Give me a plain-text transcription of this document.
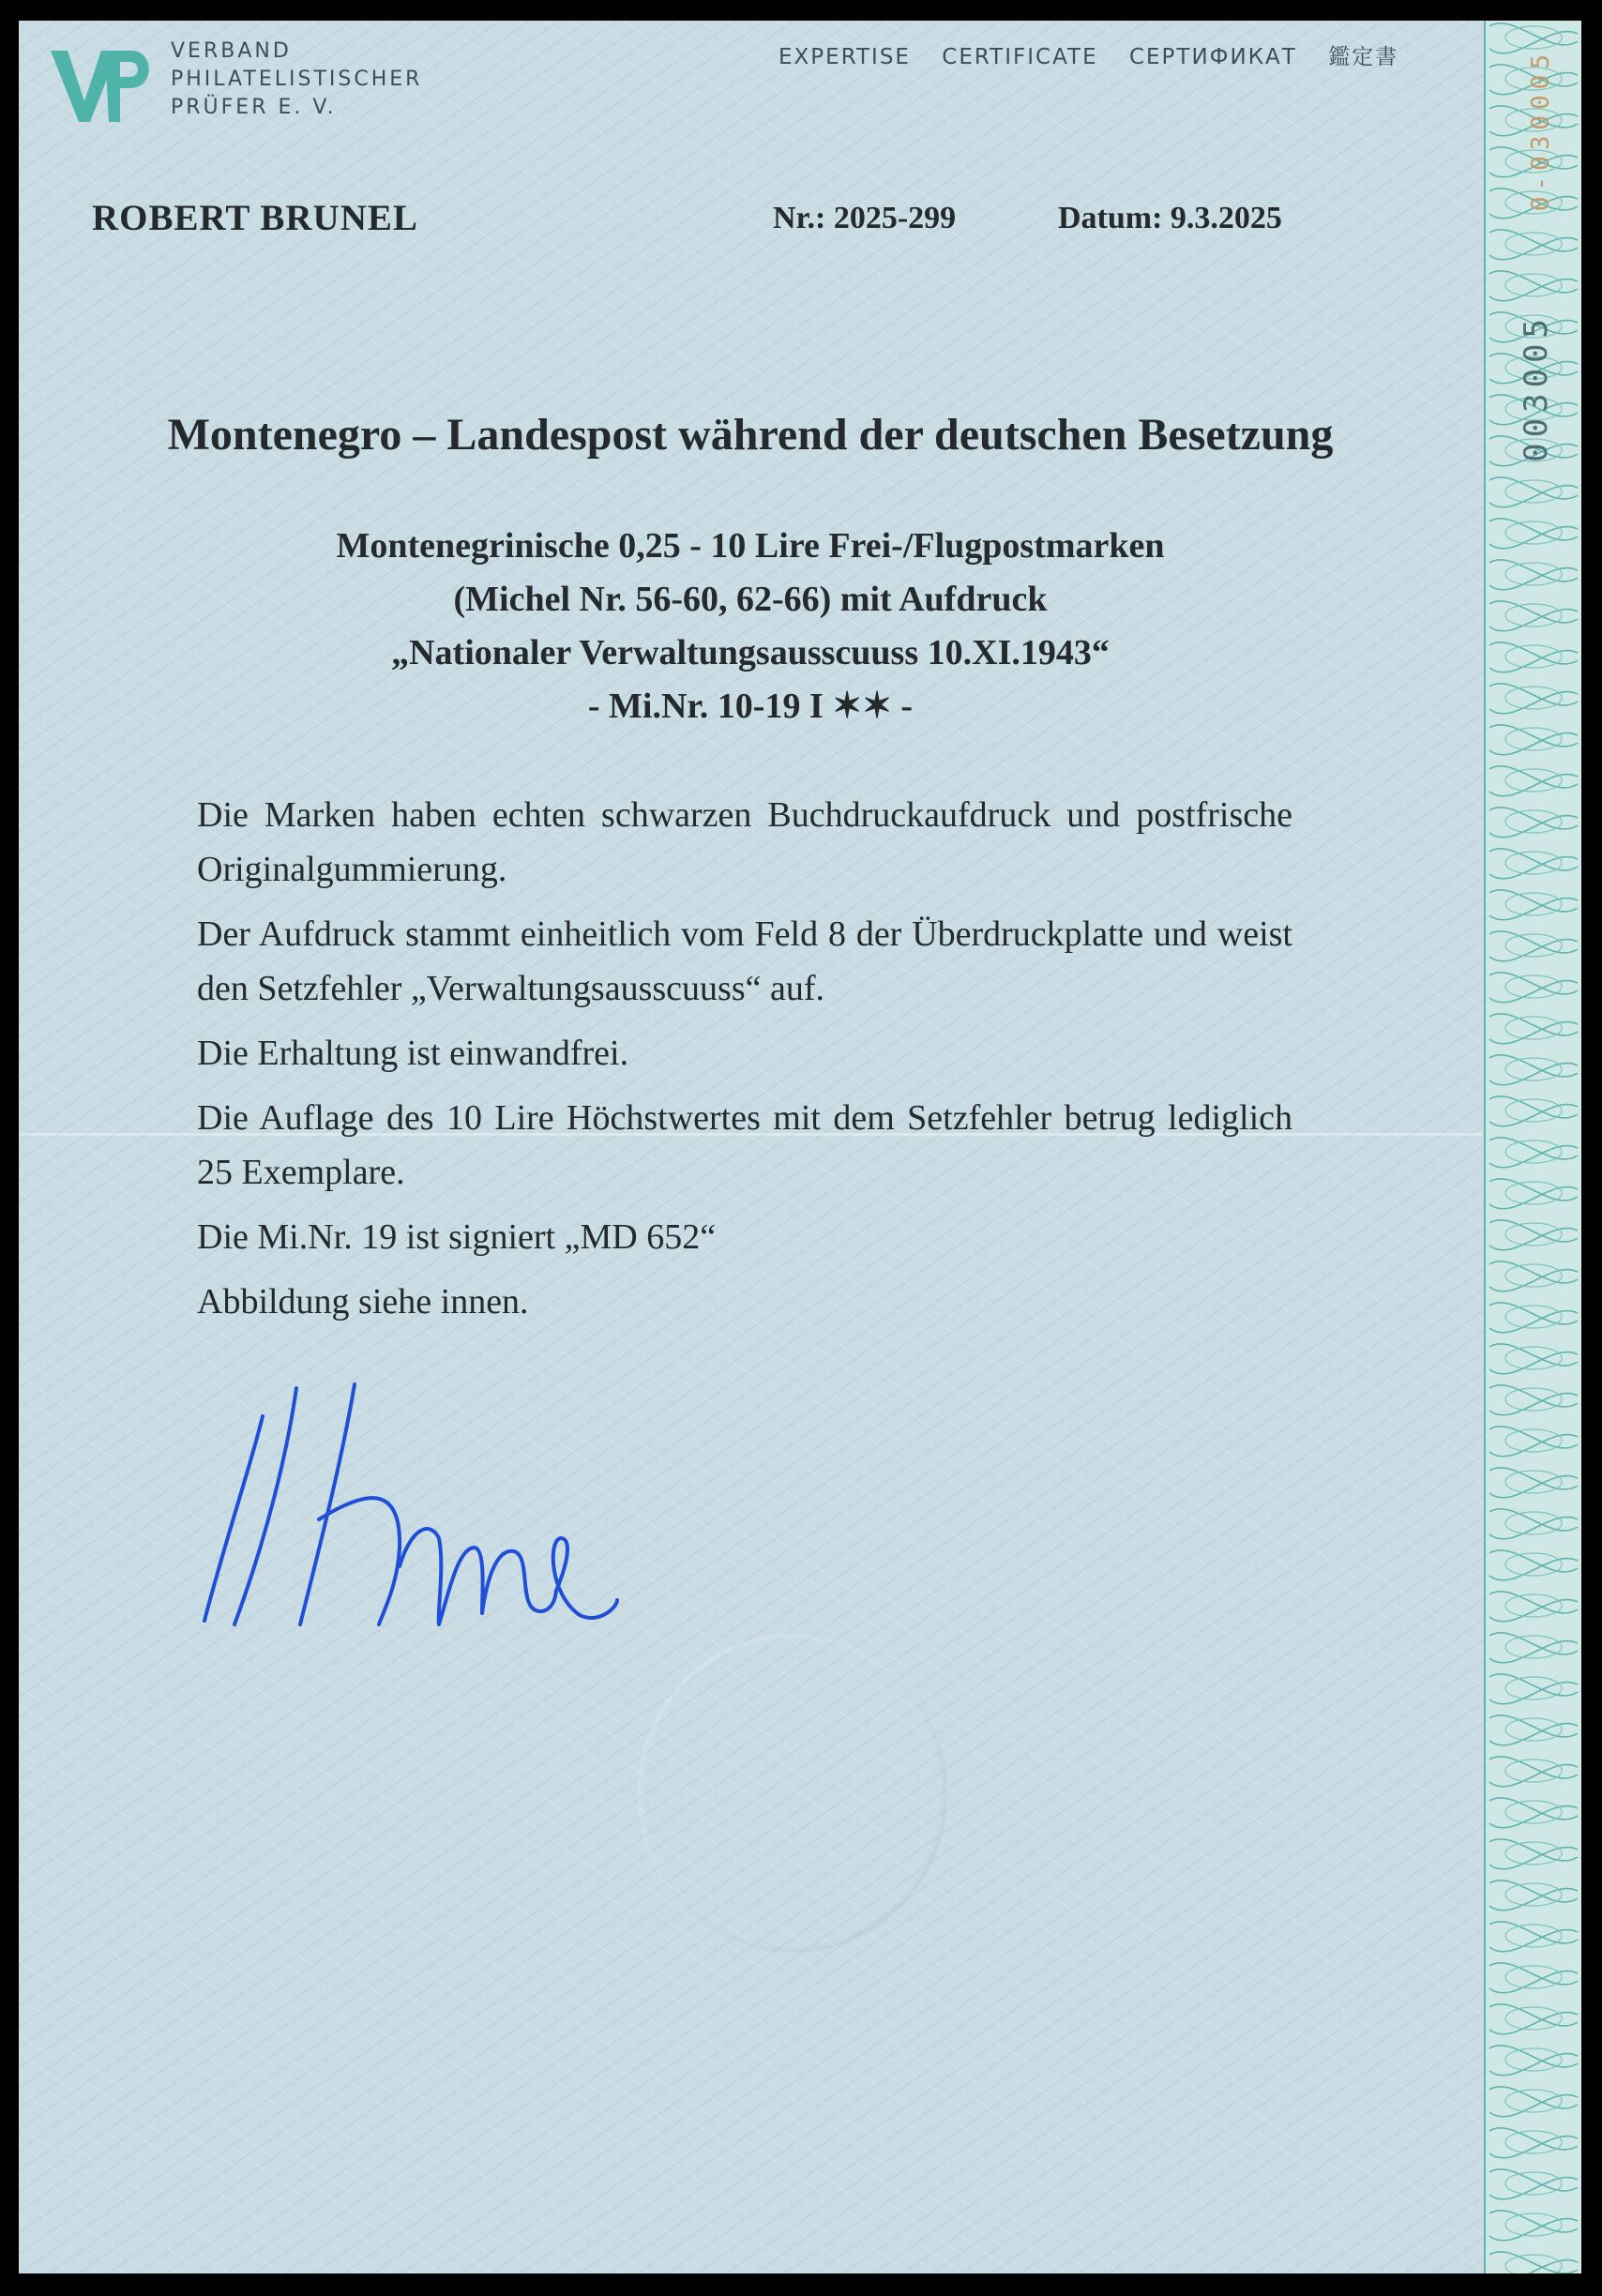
0-030005
003005
VERBAND
PHILATELISTISCHER
PRÜFER E. V.
EXPERTISE CERTIFICATE СЕРТИФИКАТ 鑑定書
ROBERT BRUNEL	Nr.: 2025-299	Datum: 9.3.2025
Montenegro – Landespost während der deutschen Besetzung
Montenegrinische 0,25 - 10 Lire Frei-/Flugpostmarken
(Michel Nr. 56-60, 62-66) mit Aufdruck
„Nationaler Verwaltungsausscuuss 10.XI.1943“
- Mi.Nr. 10-19 I ✶✶ -

Die Marken haben echten schwarzen Buchdruckaufdruck und postfrische Originalgummierung.

Der Aufdruck stammt einheitlich vom Feld 8 der Überdruckplatte und weist den Setzfehler „Verwaltungsausscuuss“ auf.

Die Erhaltung ist einwandfrei.

Die Auflage des 10 Lire Höchstwertes mit dem Setzfehler betrug lediglich 25 Exemplare.

Die Mi.Nr. 19 ist signiert „MD 652“

Abbildung siehe innen.
